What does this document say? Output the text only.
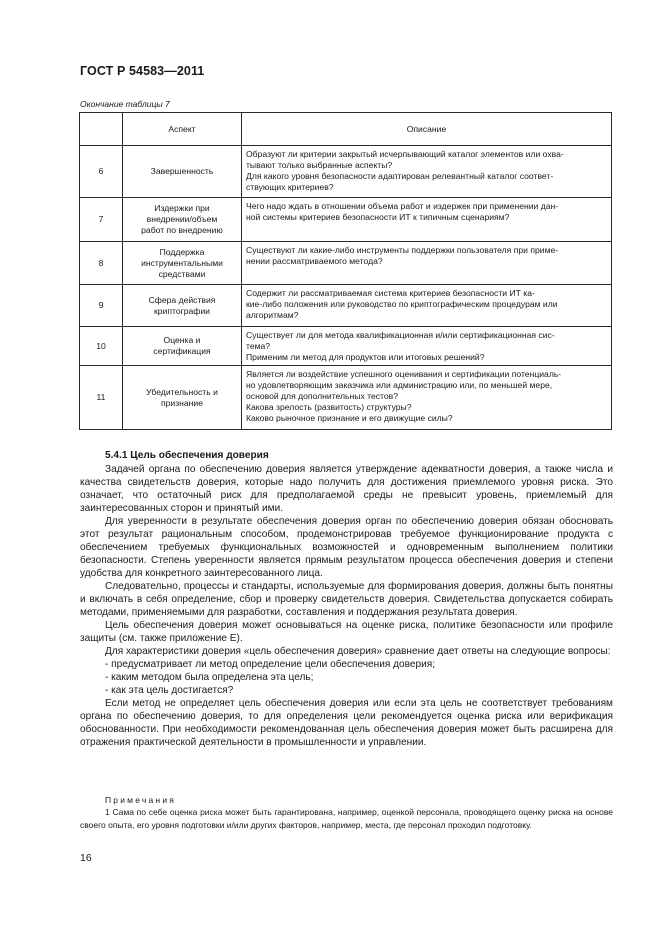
ГОСТ Р 54583—2011
Окончание таблицы 7
	Аспект	Описание
6	Завершенность	Образуют ли критерии закрытый исчерпывающий каталог элементов или охва-
тывают только выбранные аспекты?
Для какого уровня безопасности адаптирован релевантный каталог соответ-
ствующих критериев?

7	Издержки при
внедрении/объем
работ по внедрению	Чего надо ждать в отношении объема работ и издержек при применении дан-
ной системы критериев безопасности ИТ к типичным сценариям?

8	Поддержка
инструментальными
средствами	Существуют ли какие-либо инструменты поддержки пользователя при приме-
нении рассматриваемого метода?

9	Сфера действия
криптографии	Содержит ли рассматриваемая система критериев безопасности ИТ ка-
кие-либо положения или руководство по криптографическим процедурам или
алгоритмам?

10	Оценка и
сертификация	Существует ли для метода квалификационная и/или сертификационная сис-
тема?
Применим ли метод для продуктов или итоговых решений?

11	Убедительность и
признание	Является ли воздействие успешного оценивания и сертификации потенциаль-
но удовлетворяющим заказчика или администрацию или, по меньшей мере,
основой для дополнительных тестов?
Какова зрелость (развитость) структуры?
Каково рыночное признание и его движущие силы?

5.4.1 Цель обеспечения доверия

Задачей органа по обеспечению доверия является утверждение адекватности доверия, а также числа и качества свидетельств доверия, которые надо получить для достижения приемлемого уровня риска. Это означает, что остаточный риск для предполагаемой среды не превысит уровень, приемлемый для заинтересованных сторон и принятый ими.

Для уверенности в результате обеспечения доверия орган по обеспечению доверия обязан обосновать этот результат рациональным способом, продемонстрировав требуемое функционирование продукта с обеспечением требуемых функциональных возможностей и одновременным выполнением политики безопасности. Степень уверенности является прямым результатом процесса обеспечения доверия и степени удобства для конкретного заинтересованного лица.

Следовательно, процессы и стандарты, используемые для формирования доверия, должны быть понятны и включать в себя определение, сбор и проверку свидетельств доверия. Свидетельства допускается собирать методами, применяемыми для разработки, составления и поддержания результата доверия.

Цель обеспечения доверия может основываться на оценке риска, политике безопасности или профиле защиты (см. также приложение Е).

Для характеристики доверия «цель обеспечения доверия» сравнение дает ответы на следующие вопросы:

- предусматривает ли метод определение цели обеспечения доверия;

- каким методом была определена эта цель;

- как эта цель достигается?

Если метод не определяет цель обеспечения доверия или если эта цель не соответствует требованиям органа по обеспечению доверия, то для определения цели рекомендуется оценка риска или верификация обоснованности. При необходимости рекомендованная цель обеспечения доверия может быть расширена для отражения практической деятельности в промышленности и управлении.

Примечания
1 Сама по себе оценка риска может быть гарантирована, например, оценкой персонала, проводящего оценку риска на основе своего опыта, его уровня подготовки и/или других факторов, например, места, где персонал проходил подготовку.
16
